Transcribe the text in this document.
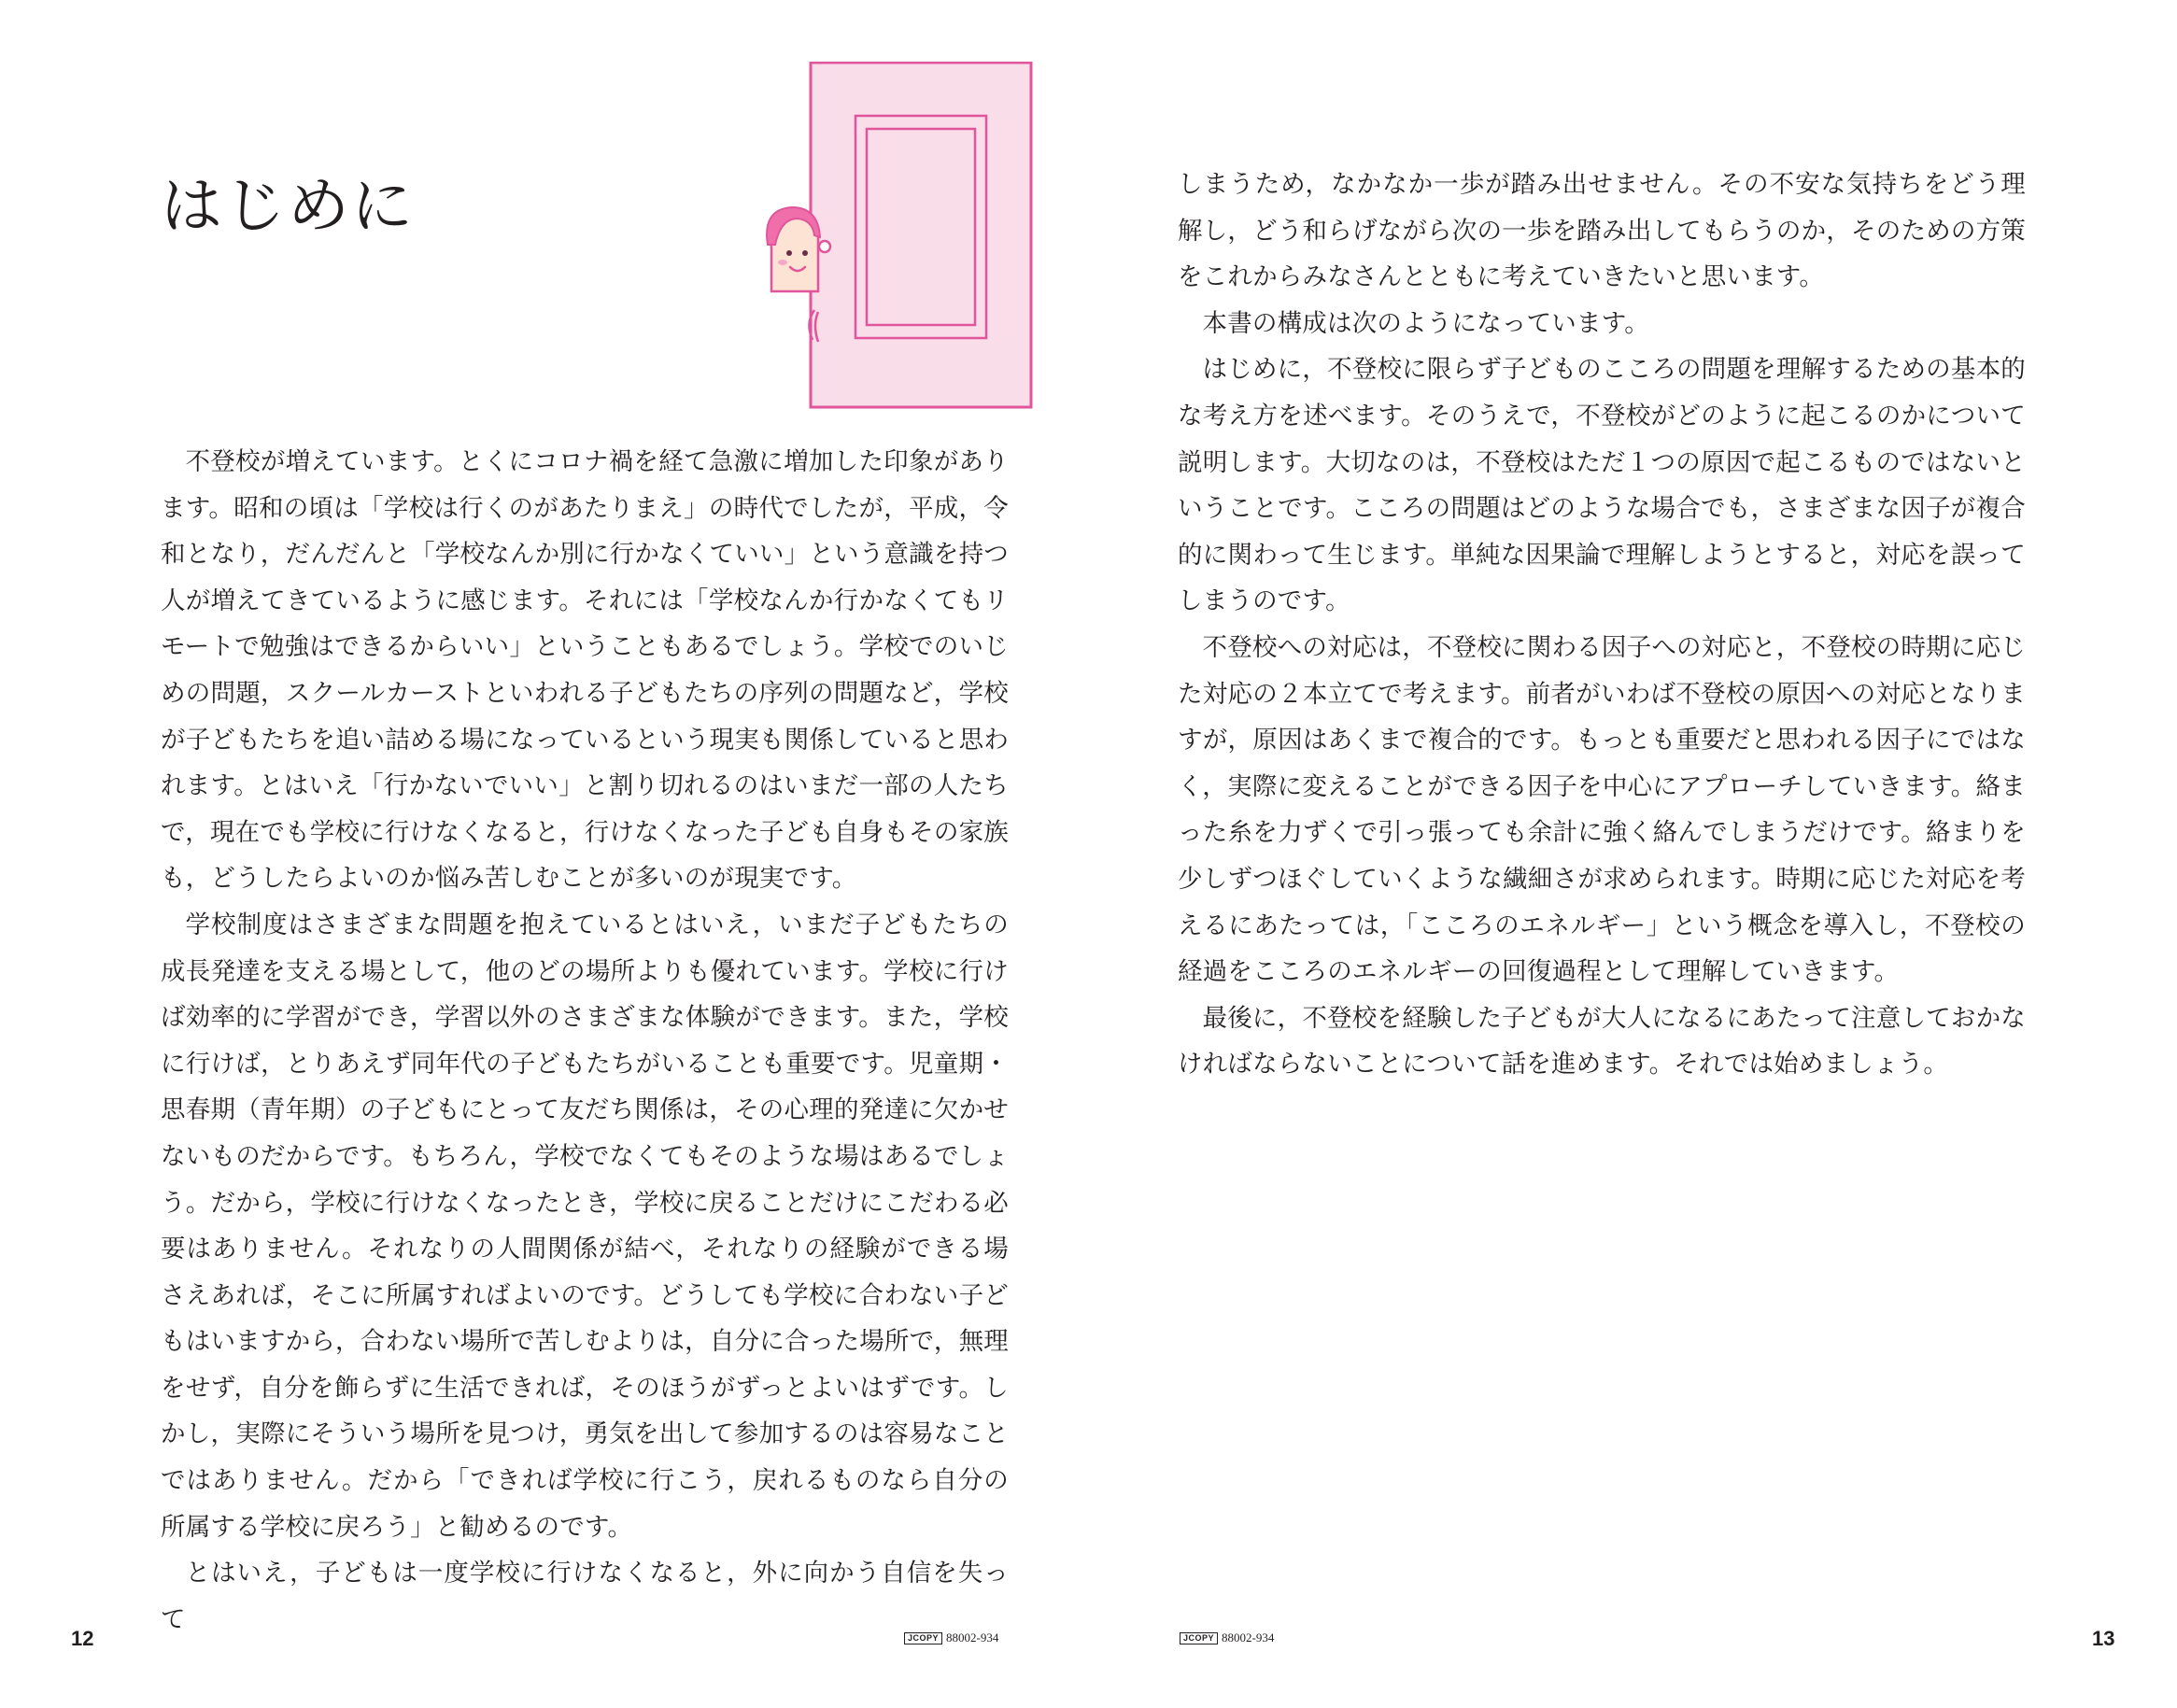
はじめに

不登校が増えています。とくにコロナ禍を経て急激に増加した印象があります。昭和の頃は「学校は行くのがあたりまえ」の時代でしたが，平成，令和となり，だんだんと「学校なんか別に行かなくていい」という意識を持つ人が増えてきているように感じます。それには「学校なんか行かなくてもリモートで勉強はできるからいい」ということもあるでしょう。学校でのいじめの問題，スクールカーストといわれる子どもたちの序列の問題など，学校が子どもたちを追い詰める場になっているという現実も関係していると思われます。とはいえ「行かないでいい」と割り切れるのはいまだ一部の人たちで，現在でも学校に行けなくなると，行けなくなった子ども自身もその家族も，どうしたらよいのか悩み苦しむことが多いのが現実です。

学校制度はさまざまな問題を抱えているとはいえ，いまだ子どもたちの成長発達を支える場として，他のどの場所よりも優れています。学校に行けば効率的に学習ができ，学習以外のさまざまな体験ができます。また，学校に行けば，とりあえず同年代の子どもたちがいることも重要です。児童期・思春期（青年期）の子どもにとって友だち関係は，その心理的発達に欠かせないものだからです。もちろん，学校でなくてもそのような場はあるでしょう。だから，学校に行けなくなったとき，学校に戻ることだけにこだわる必要はありません。それなりの人間関係が結べ，それなりの経験ができる場さえあれば，そこに所属すればよいのです。どうしても学校に合わない子どもはいますから，合わない場所で苦しむよりは，自分に合った場所で，無理をせず，自分を飾らずに生活できれば，そのほうがずっとよいはずです。しかし，実際にそういう場所を見つけ，勇気を出して参加するのは容易なことではありません。だから「できれば学校に行こう，戻れるものなら自分の所属する学校に戻ろう」と勧めるのです。

とはいえ，子どもは一度学校に行けなくなると，外に向かう自信を失って

12	JCOPY 88002-934

しまうため，なかなか一歩が踏み出せません。その不安な気持ちをどう理解し，どう和らげながら次の一歩を踏み出してもらうのか，そのための方策をこれからみなさんとともに考えていきたいと思います。

本書の構成は次のようになっています。

はじめに，不登校に限らず子どものこころの問題を理解するための基本的な考え方を述べます。そのうえで，不登校がどのように起こるのかについて説明します。大切なのは，不登校はただ１つの原因で起こるものではないということです。こころの問題はどのような場合でも，さまざまな因子が複合的に関わって生じます。単純な因果論で理解しようとすると，対応を誤ってしまうのです。

不登校への対応は，不登校に関わる因子への対応と，不登校の時期に応じた対応の２本立てで考えます。前者がいわば不登校の原因への対応となりますが，原因はあくまで複合的です。もっとも重要だと思われる因子にではなく，実際に変えることができる因子を中心にアプローチしていきます。絡まった糸を力ずくで引っ張っても余計に強く絡んでしまうだけです。絡まりを少しずつほぐしていくような繊細さが求められます。時期に応じた対応を考えるにあたっては，「こころのエネルギー」という概念を導入し，不登校の経過をこころのエネルギーの回復過程として理解していきます。

最後に，不登校を経験した子どもが大人になるにあたって注意しておかなければならないことについて話を進めます。それでは始めましょう。

JCOPY 88002-934	13
